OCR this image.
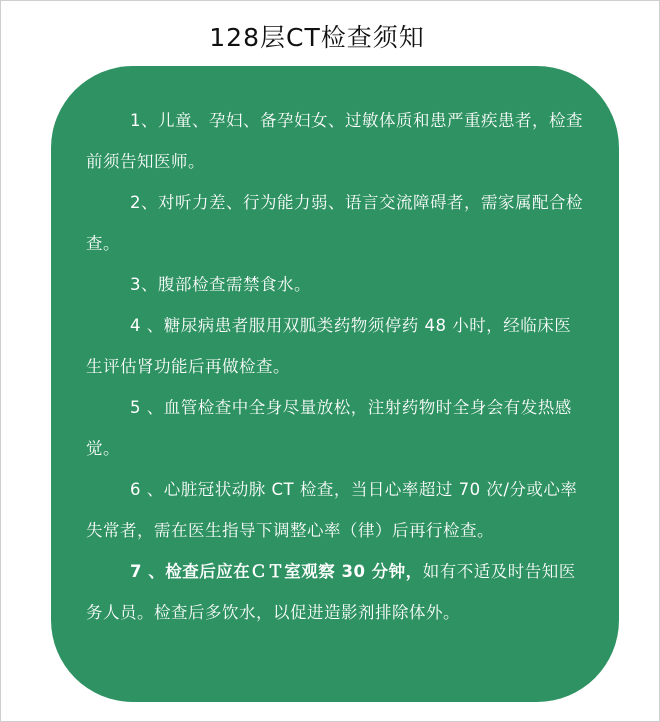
128层CT检查须知

1、儿童、孕妇、备孕妇女、过敏体质和患严重疾患者，检查前须告知医师。

2、对听力差、行为能力弱、语言交流障碍者，需家属配合检查。

3、腹部检查需禁食水。

4 、糖尿病患者服用双胍类药物须停药 48 小时，经临床医生评估肾功能后再做检查。

5 、血管检查中全身尽量放松，注射药物时全身会有发热感觉。

6 、心脏冠状动脉 CT 检查，当日心率超过 70 次/分或心率失常者，需在医生指导下调整心率（律）后再行检查。

7 、检查后应在ＣＴ室观察 30 分钟，如有不适及时告知医务人员。检查后多饮水，以促进造影剂排除体外。
